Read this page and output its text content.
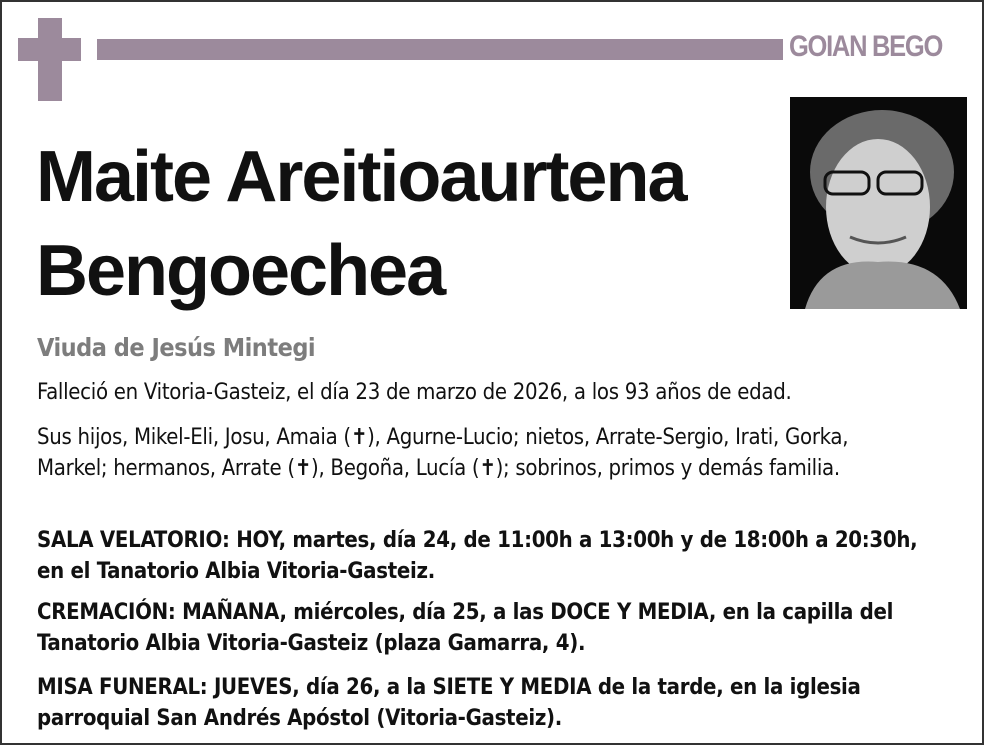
GOIAN BEGO
Maite Areitioaurtena
Bengoechea
Viuda de Jesús Mintegi
Falleció en Vitoria-Gasteiz, el día 23 de marzo de 2026, a los 93 años de edad.
Sus hijos, Mikel-Eli, Josu, Amaia (✝), Agurne-Lucio; nietos, Arrate-Sergio, Irati, Gorka, Markel; hermanos, Arrate (✝), Begoña, Lucía (✝); sobrinos, primos y demás familia.
SALA VELATORIO: HOY, martes, día 24, de 11:00h a 13:00h y de 18:00h a 20:30h, en el Tanatorio Albia Vitoria-Gasteiz.
CREMACIÓN: MAÑANA, miércoles, día 25, a las DOCE Y MEDIA, en la capilla del Tanatorio Albia Vitoria-Gasteiz (plaza Gamarra, 4).
MISA FUNERAL: JUEVES, día 26, a la SIETE Y MEDIA de la tarde, en la iglesia parroquial San Andrés Apóstol (Vitoria-Gasteiz).
